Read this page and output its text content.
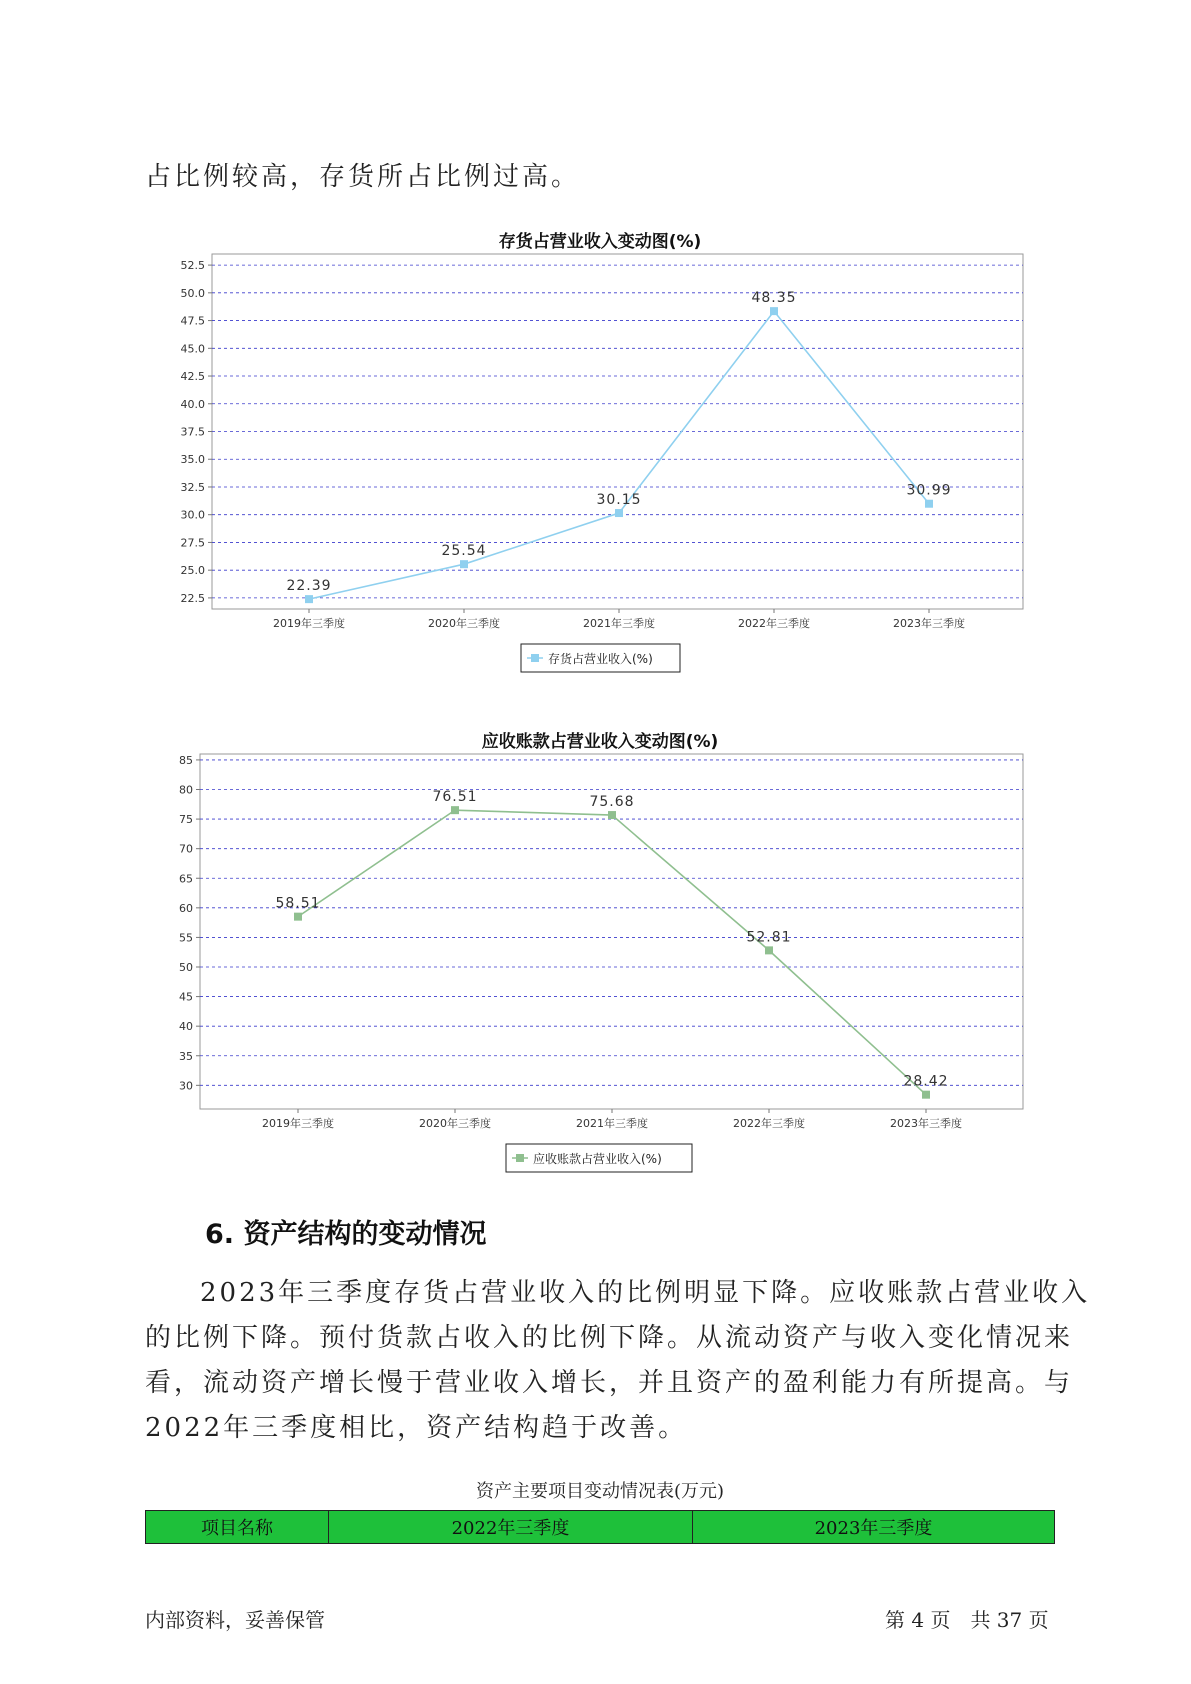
占比例较高，存货所占比例过高。

存货占营业收入变动图(%)
22.5
25.0
27.5
30.0
32.5
35.0
37.5
40.0
42.5
45.0
47.5
50.0
52.5
22.39
2019年三季度
25.54
2020年三季度
30.15
2021年三季度
48.35
2022年三季度
30.99
2023年三季度
存货占营业收入(%)
应收账款占营业收入变动图(%)
30
35
40
45
50
55
60
65
70
75
80
85
58.51
2019年三季度
76.51
2020年三季度
75.68
2021年三季度
52.81
2022年三季度
28.42
2023年三季度
应收账款占营业收入(%)
6. 资产结构的变动情况

2023年三季度存货占营业收入的比例明显下降。应收账款占营业收入

的比例下降。预付货款占收入的比例下降。从流动资产与收入变化情况来

看，流动资产增长慢于营业收入增长，并且资产的盈利能力有所提高。与

2022年三季度相比，资产结构趋于改善。

资产主要项目变动情况表(万元)
项目名称	2022年三季度	2023年三季度
内部资料，妥善保管	第 4 页　共 37 页
